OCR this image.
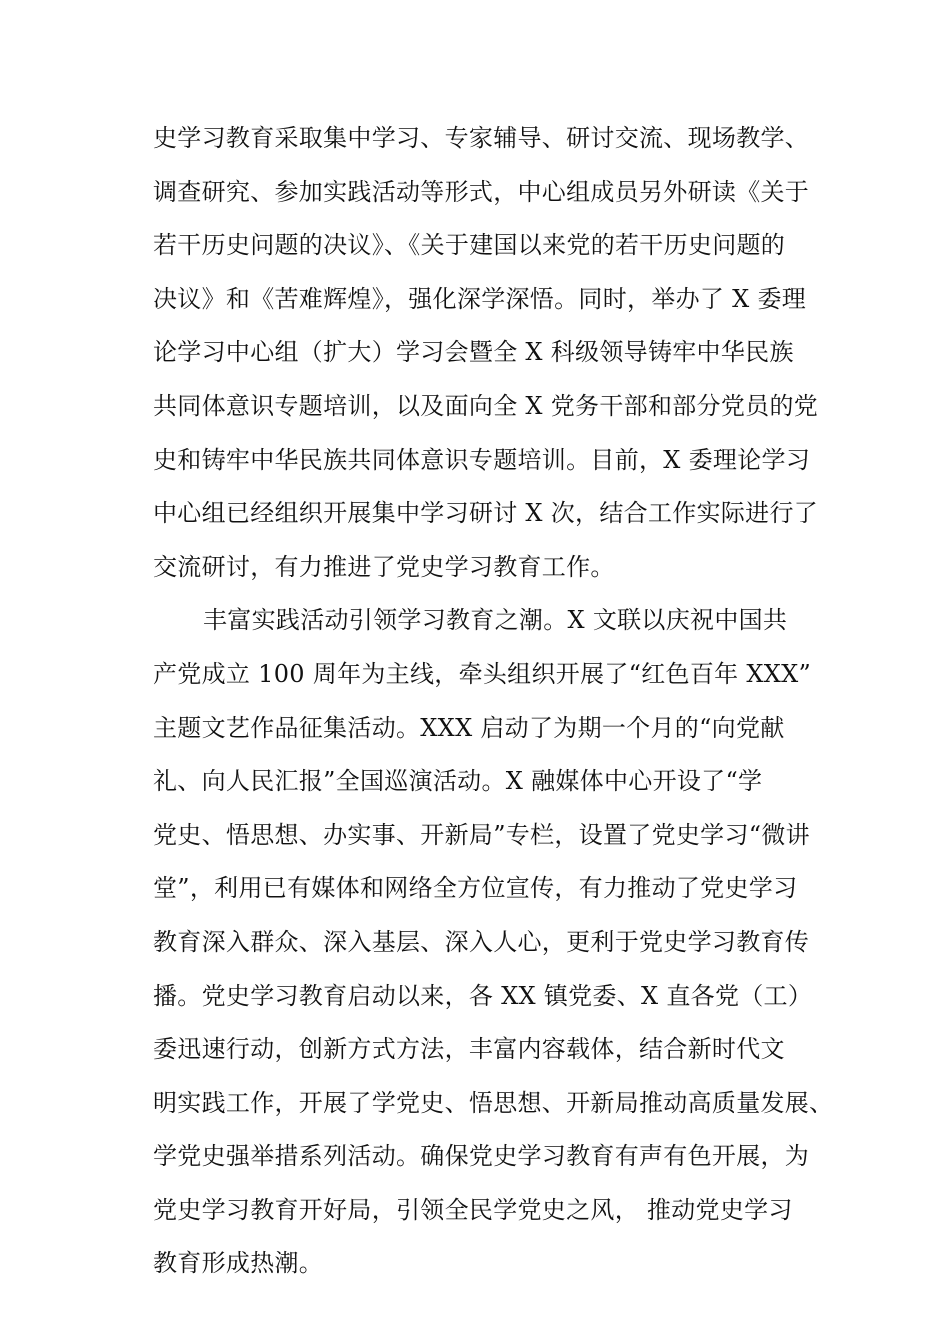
史学习教育采取集中学习、专家辅导、研讨交流、现场教学、
调查研究、参加实践活动等形式，中心组成员另外研读《关于
若干历史问题的决议》、《关于建国以来党的若干历史问题的
决议》和《苦难辉煌》，强化深学深悟。同时，举办了 X 委理
论学习中心组（扩大）学习会暨全 X 科级领导铸牢中华民族
共同体意识专题培训，以及面向全 X 党务干部和部分党员的党
史和铸牢中华民族共同体意识专题培训。目前，X 委理论学习
中心组已经组织开展集中学习研讨 X 次，结合工作实际进行了
交流研讨，有力推进了党史学习教育工作。
丰富实践活动引领学习教育之潮。X 文联以庆祝中国共
产党成立 100 周年为主线，牵头组织开展了“红色百年 XXX”
主题文艺作品征集活动。XXX 启动了为期一个月的“向党献
礼、向人民汇报”全国巡演活动。X 融媒体中心开设了“学
党史、悟思想、办实事、开新局”专栏，设置了党史学习“微讲
堂”，利用已有媒体和网络全方位宣传，有力推动了党史学习
教育深入群众、深入基层、深入人心，更利于党史学习教育传
播。党史学习教育启动以来，各 XX 镇党委、X 直各党（工）
委迅速行动，创新方式方法，丰富内容载体，结合新时代文
明实践工作，开展了学党史、悟思想、开新局推动高质量发展、
学党史强举措系列活动。确保党史学习教育有声有色开展，为
党史学习教育开好局，引领全民学党史之风， 推动党史学习
教育形成热潮。
